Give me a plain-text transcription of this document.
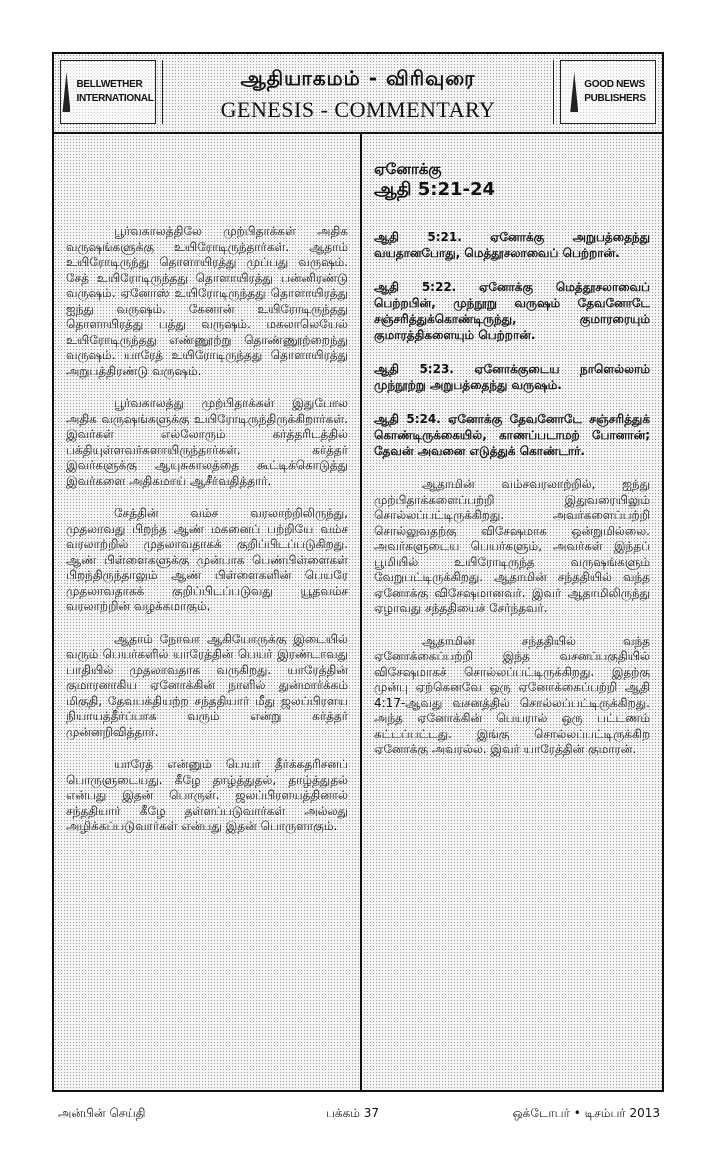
BELLWETHER
INTERNATIONAL
ஆதியாகமம் - விரிவுரை
GENESIS - COMMENTARY
GOOD NEWS
PUBLISHERS

பூர்வகாலத்திலே முற்பிதாக்கள் அதிக வருஷங்களுக்கு உயிரோடிருந்தார்கள். ஆதாம் உயிரோடிருந்து தொளாயிரத்து முப்பது வருஷம். சேத் உயிரோடிருந்தது தொளாயிரத்து பன்னிரண்டு வருஷம். ஏனோஸ் உயிரோடிருந்தது தொளாயிரத்து ஐந்து வருஷம். கேனான் உயிரோடிருந்தது தொளாயிரத்து பத்து வருஷம். மகலாலெயேல் உயிரோடிருந்தது எண்ணூற்று தொண்ணூற்றைந்து வருஷம். யாரேத் உயிரோடிருந்தது தொளாயிரத்து அறுபத்திரண்டு வருஷம்.

பூர்வகாலத்து முற்பிதாக்கள் இதுபோல அதிக வருஷங்களுக்கு உயிரோடிருந்திருக்கிறார்கள். இவர்கள் எல்லோரும் கர்த்தரிடத்தில் பக்தியுள்ளவர்களாயிருந்தார்கள். கர்த்தர் இவர்களுக்கு ஆயுசுகாலத்தை கூட்டிக்கொடுத்து இவர்களை அதிகமாய் ஆசீர்வதித்தார்.

சேத்தின் வம்ச வரலாற்றிலிருந்து, முதலாவது பிறந்த ஆண் மகனைப் பற்றியே வம்ச வரலாற்றில் முதலாவதாகக் குறிப்பிடப்படுகிறது. ஆண் பிள்ளைகளுக்கு முன்பாக பெண்பிள்ளைகள் பிறந்திருந்தாலும் ஆண் பிள்ளைகளின் பெயரே முதலாவதாகக் குறிப்பிடப்படுவது யூதவம்ச வரலாற்றின் வழக்கமாகும்.

ஆதாம் நோவா ஆகியோருக்கு இடையில் வரும் பெயர்களில் யாரேத்தின் பெயர் இரண்டாவது பாதியில் முதலாவதாக வருகிறது. யாரேத்தின் குமாரனாகிய ஏனோக்கின் நாளில் துன்மார்க்கம் மிகுதி, தேவபக்தியற்ற சந்ததியார் மீது ஜலப்பிரளய நியாயத்தீர்ப்பாக வரும் என்று கர்த்தர் முன்னறிவித்தார்.

யாரேத் என்னும் பெயர் தீர்க்கதரிசனப் பொருளுடையது. கீழே தாழ்த்துதல், தாழ்த்துதல் என்பது இதன் பொருள். ஜலப்பிரளயத்தினால் சந்ததியார் கீழே தள்ளப்படுவார்கள் அல்லது அழிக்கப்படுவார்கள் என்பது இதன் பொருளாகும்.

ஏனோக்கு

ஆதி 5:21-24

ஆதி 5:21. ஏனோக்கு அறுபத்தைந்து வயதானபோது, மெத்தூசலாவைப் பெற்றான்.

ஆதி 5:22. ஏனோக்கு மெத்தூசலாவைப் பெற்றபின், முந்நூறு வருஷம் தேவனோடே சஞ்சரித்துக்கொண்டிருந்து, குமாரரையும் குமாரத்திகளையும் பெற்றான்.

ஆதி 5:23. ஏனோக்குடைய நாளெல்லாம் முந்நூற்று அறுபத்தைந்து வருஷம்.

ஆதி 5:24. ஏனோக்கு தேவனோடே சஞ்சரித்துக் கொண்டிருக்கையில், காணப்படாமற் போனான்; தேவன் அவனை எடுத்துக் கொண்டார்.

ஆதாமின் வம்சவரலாற்றில், ஐந்து முற்பிதாக்களைப்பற்றி இதுவரையிலும் சொல்லப்பட்டிருக்கிறது. அவர்களைப்பற்றி சொல்லுவதற்கு விசேஷமாக ஒன்றுமில்லை. அவர்களுடைய பெயர்களும், அவர்கள் இந்தப் பூமியில் உயிரோடிருந்த வருஷங்களும் வேறுபட்டிருக்கிறது. ஆதாமின் சந்ததியில் வந்த ஏனோக்கு விசேஷமானவர். இவர் ஆதாமிலிருந்து ஏழாவது சந்ததியைச் சேர்ந்தவர்.

ஆதாமின் சந்ததியில் வந்த ஏனோக்கைப்பற்றி இந்த வசனப்பகுதியில் விசேஷமாகச் சொல்லப்பட்டிருக்கிறது. இதற்கு முன்பு ஏற்கெனவே ஒரு ஏனோக்கைப்பற்றி ஆதி 4:17-ஆவது வசனத்தில் சொல்லப்பட்டிருக்கிறது. அந்த ஏனோக்கின் பெயரால் ஒரு பட்டணம் கட்டப்பட்டது. இங்கு சொல்லப்பட்டிருக்கிற ஏனோக்கு அவரல்ல. இவர் யாரேத்தின் குமாரன்.

அன்பின் செய்தி	பக்கம் 37	ஒக்டோபர் • டிசம்பர் 2013
